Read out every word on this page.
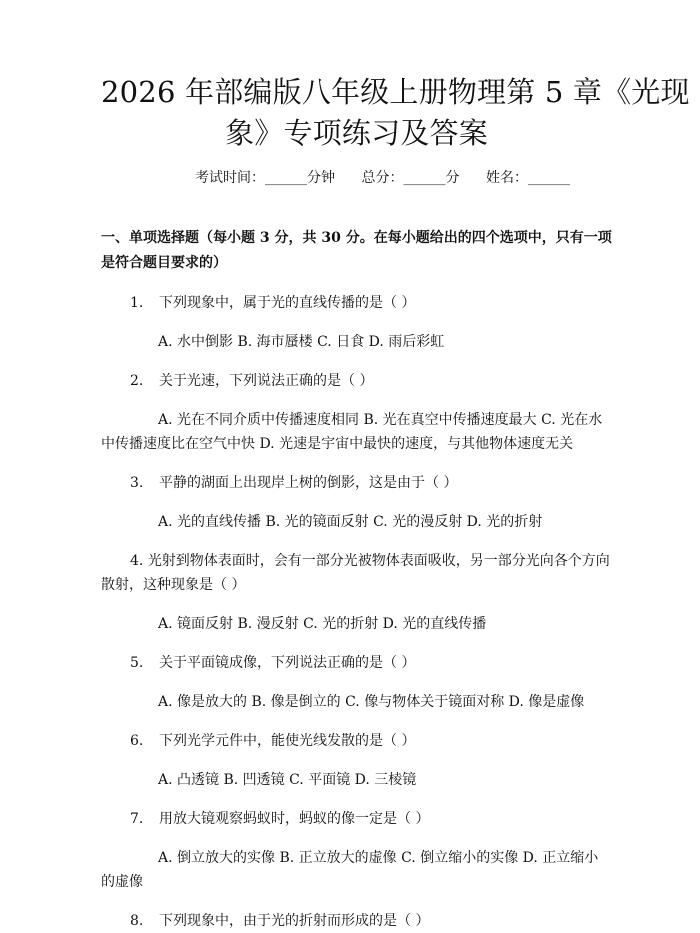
2026 年部编版八年级上册物理第 5 章《光现
象》专项练习及答案
考试时间：______分钟 总分：______分 姓名：______
一、单项选择题（每小题 3 分，共 30 分。在每小题给出的四个选项中，只有一项是符合题目要求的）
1. 下列现象中，属于光的直线传播的是（ ）
A. 水中倒影 B. 海市蜃楼 C. 日食 D. 雨后彩虹
2. 关于光速，下列说法正确的是（ ）
A. 光在不同介质中传播速度相同 B. 光在真空中传播速度最大 C. 光在水中传播速度比在空气中快 D. 光速是宇宙中最快的速度，与其他物体速度无关
3. 平静的湖面上出现岸上树的倒影，这是由于（ ）
A. 光的直线传播 B. 光的镜面反射 C. 光的漫反射 D. 光的折射
4. 光射到物体表面时，会有一部分光被物体表面吸收，另一部分光向各个方向散射，这种现象是（ ）
A. 镜面反射 B. 漫反射 C. 光的折射 D. 光的直线传播
5. 关于平面镜成像，下列说法正确的是（ ）
A. 像是放大的 B. 像是倒立的 C. 像与物体关于镜面对称 D. 像是虚像
6. 下列光学元件中，能使光线发散的是（ ）
A. 凸透镜 B. 凹透镜 C. 平面镜 D. 三棱镜
7. 用放大镜观察蚂蚁时，蚂蚁的像一定是（ ）
A. 倒立放大的实像 B. 正立放大的虚像 C. 倒立缩小的实像 D. 正立缩小的虚像
8. 下列现象中，由于光的折射而形成的是（ ）
